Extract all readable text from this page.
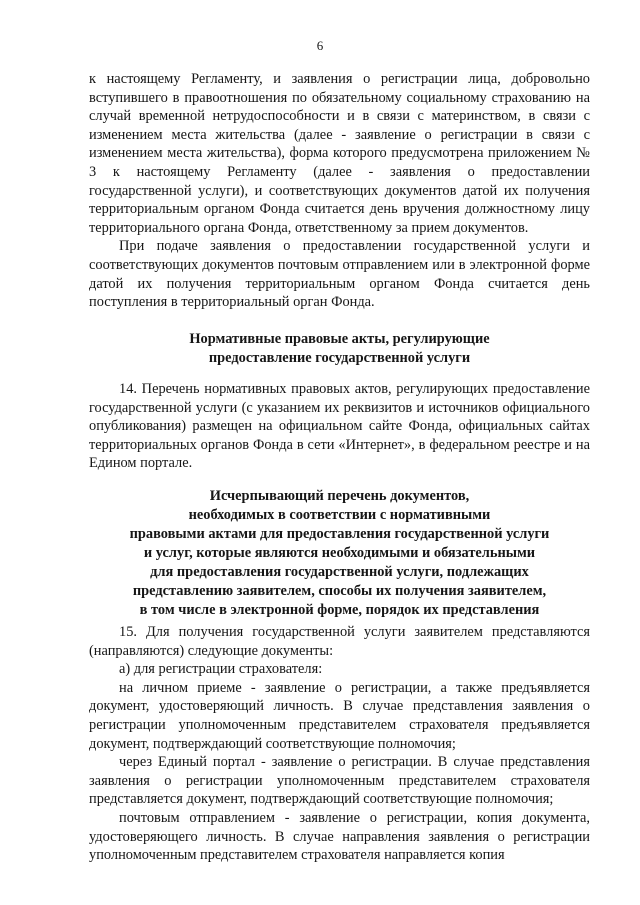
6

к настоящему Регламенту, и заявления о регистрации лица, добровольно вступившего в правоотношения по обязательному социальному страхованию на случай временной нетрудоспособности и в связи с материнством, в связи с изменением места жительства (далее - заявление о регистрации в связи с изменением места жительства), форма которого предусмотрена приложением № 3 к настоящему Регламенту (далее - заявления о предоставлении государственной услуги), и соответствующих документов датой их получения территориальным органом Фонда считается день вручения должностному лицу территориального органа Фонда, ответственному за прием документов.

При подаче заявления о предоставлении государственной услуги и соответствующих документов почтовым отправлением или в электронной форме датой их получения территориальным органом Фонда считается день поступления в территориальный орган Фонда.

Нормативные правовые акты, регулирующие
предоставление государственной услуги

14. Перечень нормативных правовых актов, регулирующих предоставление государственной услуги (с указанием их реквизитов и источников официального опубликования) размещен на официальном сайте Фонда, официальных сайтах территориальных органов Фонда в сети «Интернет», в федеральном реестре и на Едином портале.

Исчерпывающий перечень документов,
необходимых в соответствии с нормативными
правовыми актами для предоставления государственной услуги
и услуг, которые являются необходимыми и обязательными
для предоставления государственной услуги, подлежащих
представлению заявителем, способы их получения заявителем,
в том числе в электронной форме, порядок их представления

15. Для получения государственной услуги заявителем представляются (направляются) следующие документы:

а) для регистрации страхователя:

на личном приеме - заявление о регистрации, а также предъявляется документ, удостоверяющий личность. В случае представления заявления о регистрации уполномоченным представителем страхователя предъявляется документ, подтверждающий соответствующие полномочия;

через Единый портал - заявление о регистрации. В случае представления заявления о регистрации уполномоченным представителем страхователя представляется документ, подтверждающий соответствующие полномочия;

почтовым отправлением - заявление о регистрации, копия документа, удостоверяющего личность. В случае направления заявления о регистрации уполномоченным представителем страхователя направляется копия
